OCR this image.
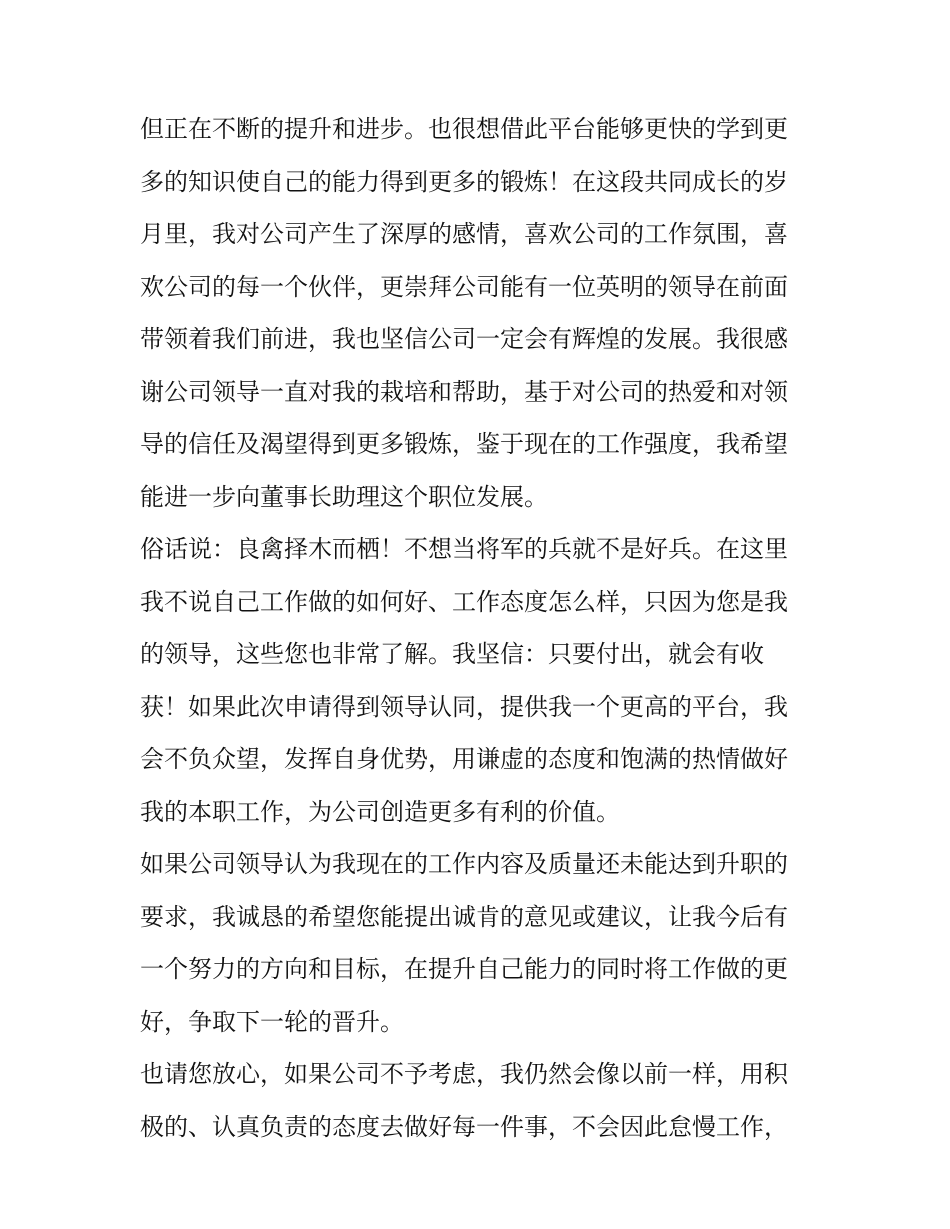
但正在不断的提升和进步。也很想借此平台能够更快的学到更
多的知识使自己的能力得到更多的锻炼！在这段共同成长的岁
月里，我对公司产生了深厚的感情，喜欢公司的工作氛围，喜
欢公司的每一个伙伴，更崇拜公司能有一位英明的领导在前面
带领着我们前进，我也坚信公司一定会有辉煌的发展。我很感
谢公司领导一直对我的栽培和帮助，基于对公司的热爱和对领
导的信任及渴望得到更多锻炼，鉴于现在的工作强度，我希望
能进一步向董事长助理这个职位发展。
俗话说：良禽择木而栖！不想当将军的兵就不是好兵。在这里
我不说自己工作做的如何好、工作态度怎么样，只因为您是我
的领导，这些您也非常了解。我坚信：只要付出，就会有收
获！如果此次申请得到领导认同，提供我一个更高的平台，我
会不负众望，发挥自身优势，用谦虚的态度和饱满的热情做好
我的本职工作，为公司创造更多有利的价值。
如果公司领导认为我现在的工作内容及质量还未能达到升职的
要求，我诚恳的希望您能提出诚肯的意见或建议，让我今后有
一个努力的方向和目标，在提升自己能力的同时将工作做的更
好，争取下一轮的晋升。
也请您放心，如果公司不予考虑，我仍然会像以前一样，用积
极的、认真负责的态度去做好每一件事，不会因此怠慢工作，
